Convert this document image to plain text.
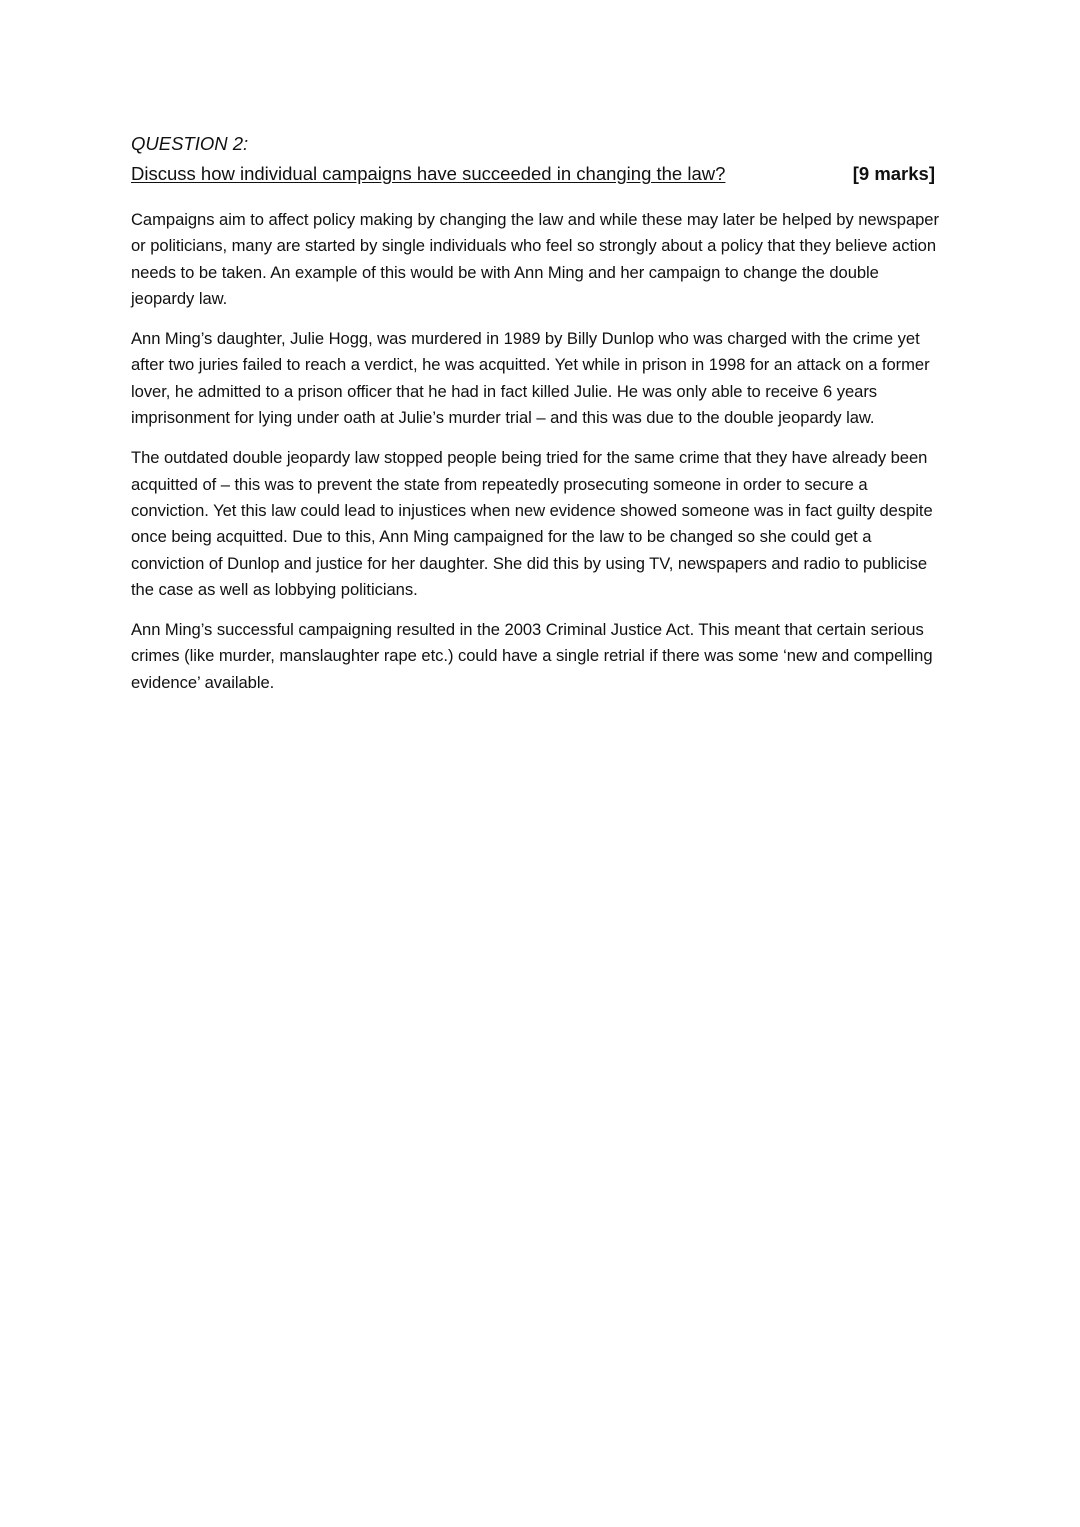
QUESTION 2:
Discuss how individual campaigns have succeeded in changing the law?	[9 marks]

Campaigns aim to affect policy making by changing the law and while these may later be helped by newspaper or politicians, many are started by single individuals who feel so strongly about a policy that they believe action needs to be taken. An example of this would be with Ann Ming and her campaign to change the double jeopardy law.

Ann Ming’s daughter, Julie Hogg, was murdered in 1989 by Billy Dunlop who was charged with the crime yet after two juries failed to reach a verdict, he was acquitted. Yet while in prison in 1998 for an attack on a former lover, he admitted to a prison officer that he had in fact killed Julie. He was only able to receive 6 years imprisonment for lying under oath at Julie’s murder trial – and this was due to the double jeopardy law.

The outdated double jeopardy law stopped people being tried for the same crime that they have already been acquitted of – this was to prevent the state from repeatedly prosecuting someone in order to secure a conviction. Yet this law could lead to injustices when new evidence showed someone was in fact guilty despite once being acquitted. Due to this, Ann Ming campaigned for the law to be changed so she could get a conviction of Dunlop and justice for her daughter. She did this by using TV, newspapers and radio to publicise the case as well as lobbying politicians.

Ann Ming’s successful campaigning resulted in the 2003 Criminal Justice Act. This meant that certain serious crimes (like murder, manslaughter rape etc.) could have a single retrial if there was some ‘new and compelling evidence’ available.
